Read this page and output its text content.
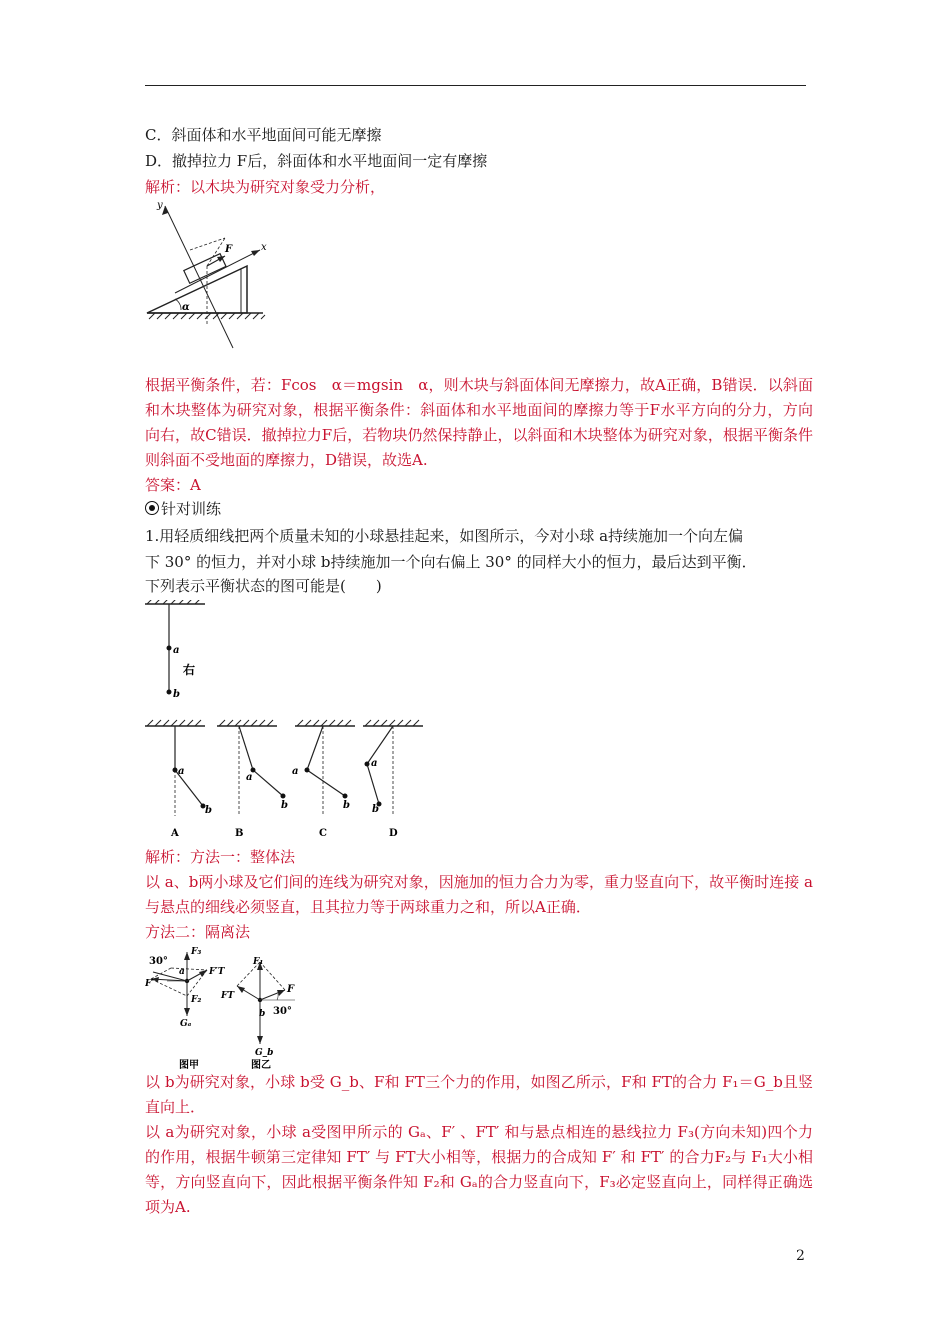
C．斜面体和水平地面间可能无摩擦
D．撤掉拉力 F后，斜面体和水平地面间一定有摩擦
解析：以木块为研究对象受力分析，
y
x
F
α
根据平衡条件，若：Fcos　α＝mgsin　α，则木块与斜面体间无摩擦力，故A正确，B错误．以斜面和木块整体为研究对象，根据平衡条件：斜面体和水平地面间的摩擦力等于F水平方向的分力，方向向右，故C错误．撤掉拉力F后，若物块仍然保持静止，以斜面和木块整体为研究对象，根据平衡条件则斜面不受地面的摩擦力，D错误，故选A.
答案：A
针对训练
1.用轻质细线把两个质量未知的小球悬挂起来，如图所示，今对小球 a持续施加一个向左偏
下 30° 的恒力，并对小球 b持续施加一个向右偏上 30° 的同样大小的恒力，最后达到平衡．
下列表示平衡状态的图可能是(　　)
a
b
右
a
b
A
a
b
B
a
b
C
a
b
D
解析：方法一：整体法
以 a、b两小球及它们间的连线为研究对象，因施加的恒力合力为零，重力竖直向下，故平衡时连接 a与悬点的细线必须竖直，且其拉力等于两球重力之和，所以A正确．
方法二：隔离法
30°
F₃
a
F′
F′T
F₂
Gₐ
F₁
FT
F
b 30°
G_b
图甲	图乙
以 b为研究对象，小球 b受 G_b、F和 FT三个力的作用，如图乙所示，F和 FT的合力 F₁＝G_b且竖直向上．
以 a为研究对象，小球 a受图甲所示的 Gₐ、F′ 、FT′ 和与悬点相连的悬线拉力 F₃(方向未知)四个力的作用，根据牛顿第三定律知 FT′ 与 FT大小相等，根据力的合成知 F′ 和 FT′ 的合力F₂与 F₁大小相等，方向竖直向下，因此根据平衡条件知 F₂和 Gₐ的合力竖直向下，F₃必定竖直向上，同样得正确选项为A.
2
